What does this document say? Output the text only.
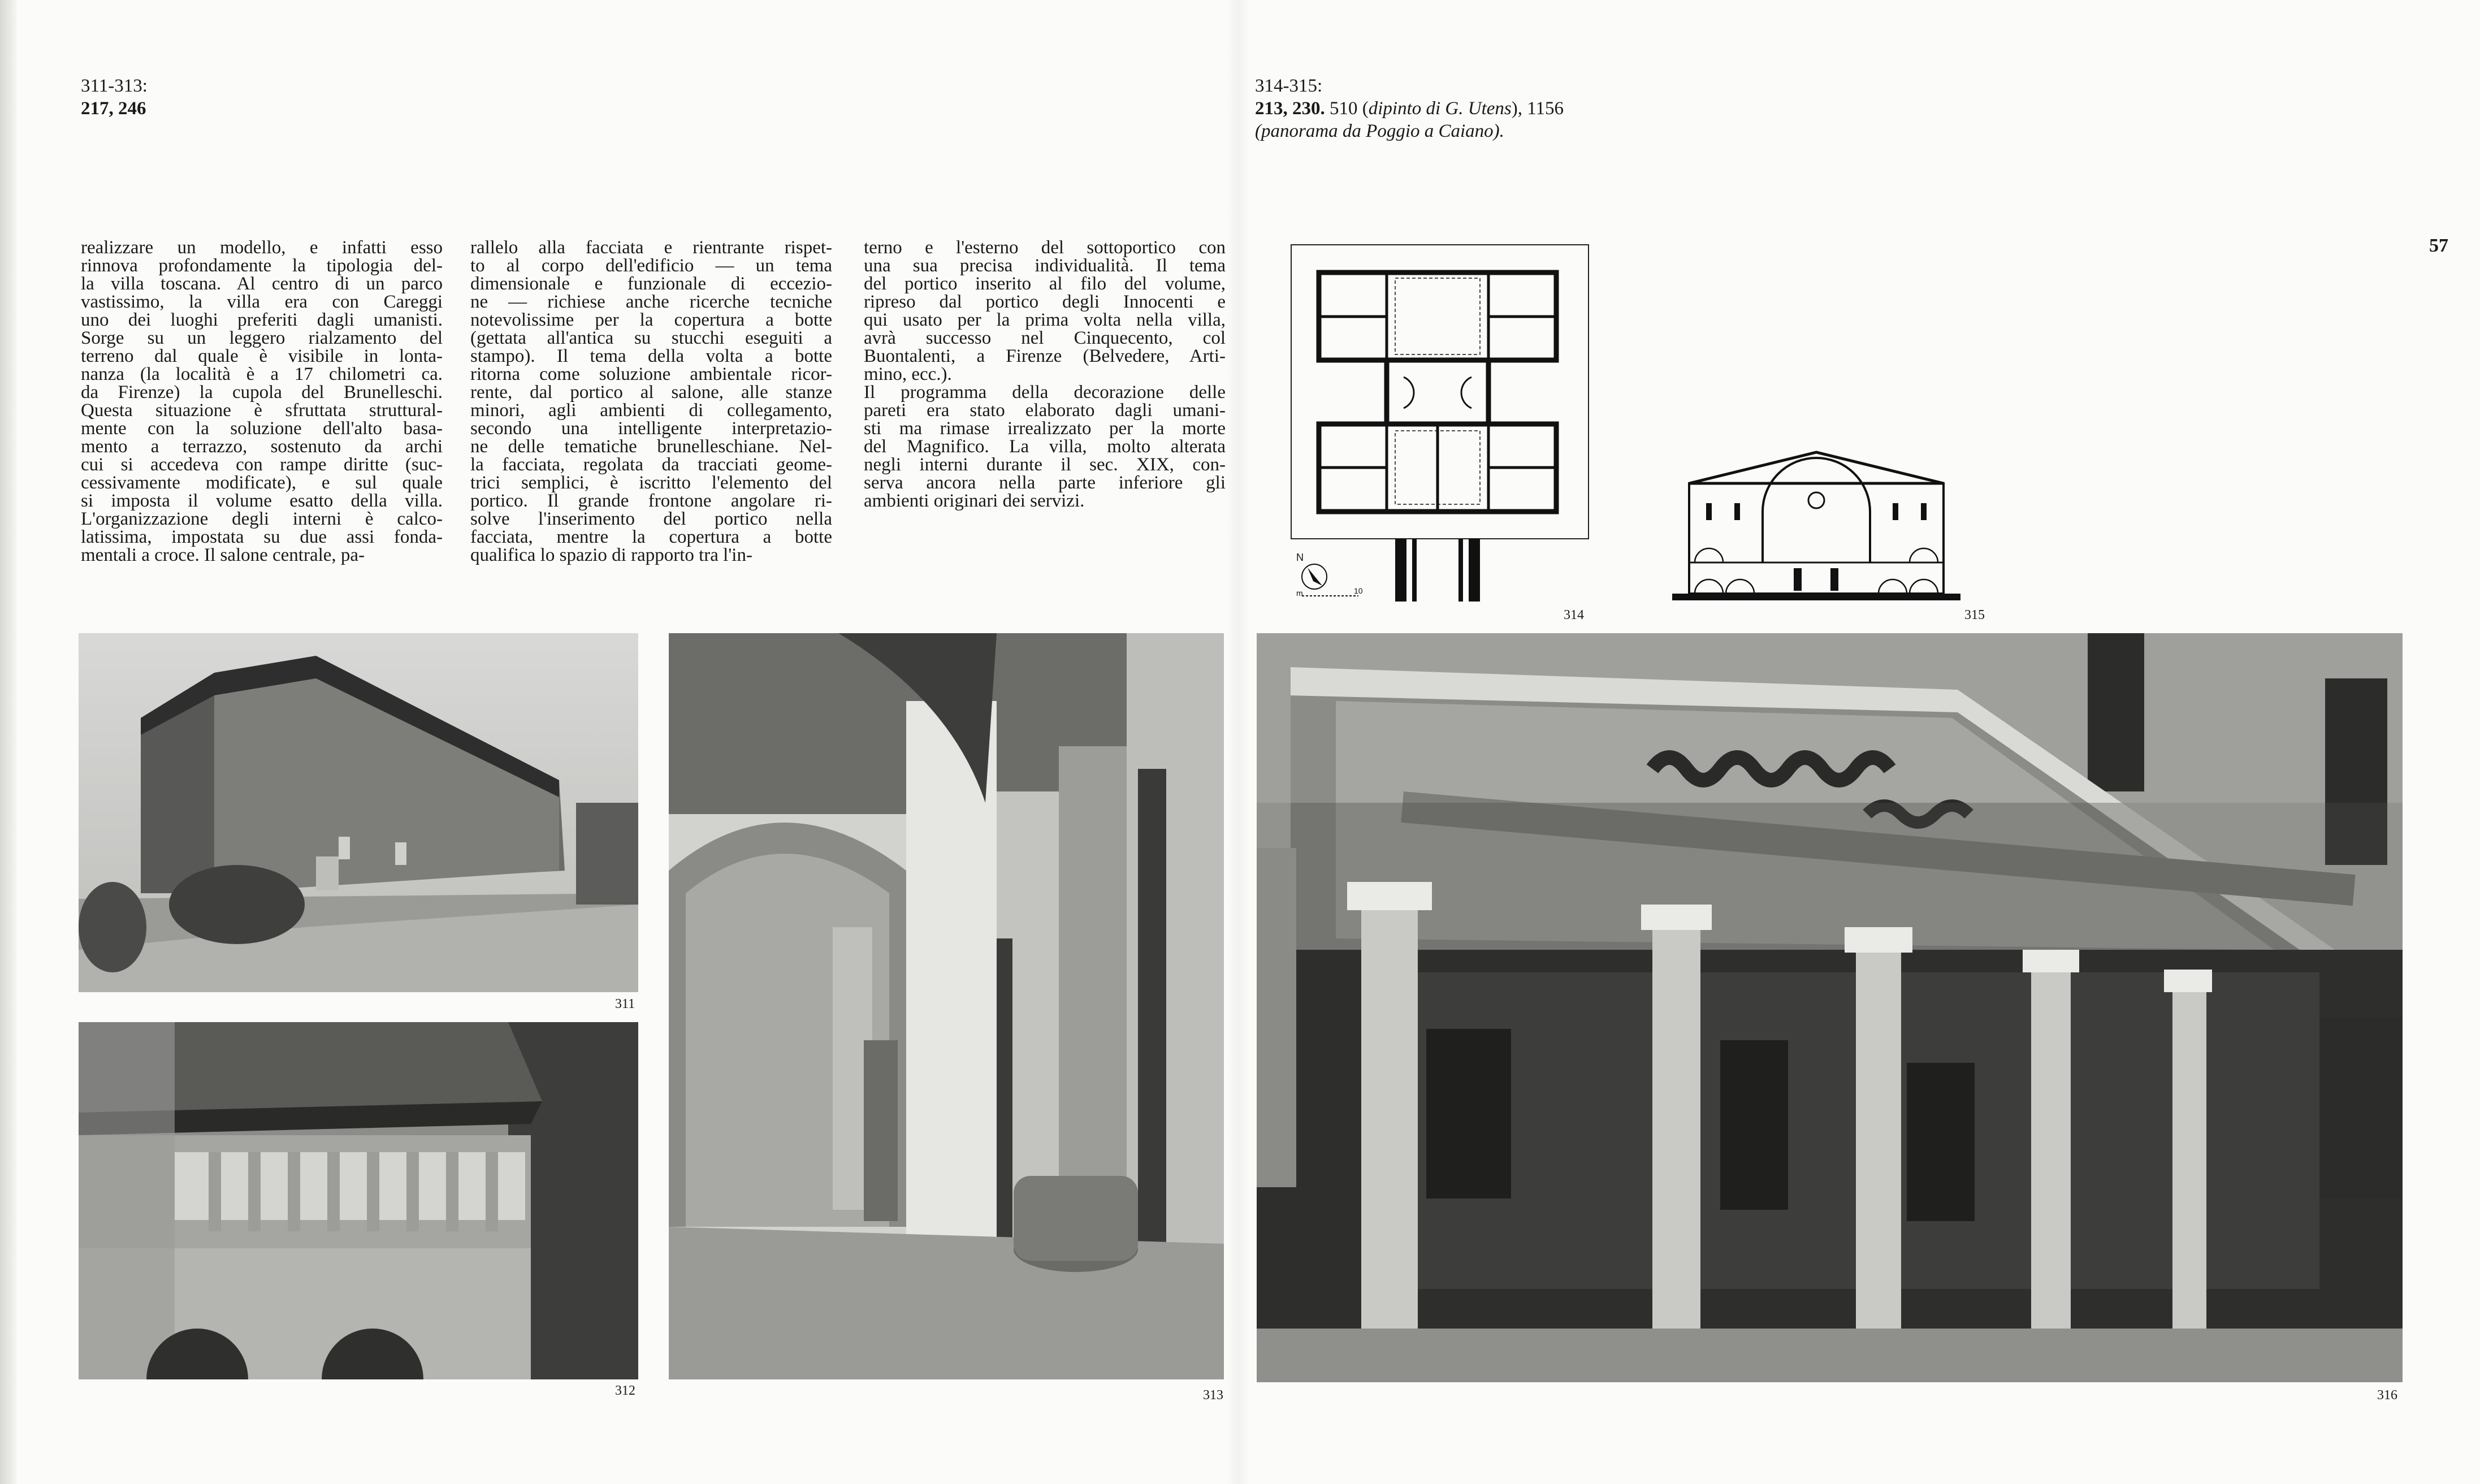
311-313:
217, 246
314-315:
213, 230. 510 (dipinto di G. Utens), 1156
(panorama da Poggio a Caiano).
57
realizzare un modello, e infatti esso
rinnova profondamente la tipologia del-
la villa toscana. Al centro di un parco
vastissimo, la villa era con Careggi
uno dei luoghi preferiti dagli umanisti.
Sorge su un leggero rialzamento del
terreno dal quale è visibile in lonta-
nanza (la località è a 17 chilometri ca.
da Firenze) la cupola del Brunelleschi.
Questa situazione è sfruttata struttural-
mente con la soluzione dell'alto basa-
mento a terrazzo, sostenuto da archi
cui si accedeva con rampe diritte (suc-
cessivamente modificate), e sul quale
si imposta il volume esatto della villa.
L'organizzazione degli interni è calco-
latissima, impostata su due assi fonda-
mentali a croce. Il salone centrale, pa-
rallelo alla facciata e rientrante rispet-
to al corpo dell'edificio — un tema
dimensionale e funzionale di eccezio-
ne — richiese anche ricerche tecniche
notevolissime per la copertura a botte
(gettata all'antica su stucchi eseguiti a
stampo). Il tema della volta a botte
ritorna come soluzione ambientale ricor-
rente, dal portico al salone, alle stanze
minori, agli ambienti di collegamento,
secondo una intelligente interpretazio-
ne delle tematiche brunelleschiane. Nel-
la facciata, regolata da tracciati geome-
trici semplici, è iscritto l'elemento del
portico. Il grande frontone angolare ri-
solve l'inserimento del portico nella
facciata, mentre la copertura a botte
qualifica lo spazio di rapporto tra l'in-
terno e l'esterno del sottoportico con
una sua precisa individualità. Il tema
del portico inserito al filo del volume,
ripreso dal portico degli Innocenti e
qui usato per la prima volta nella villa,
avrà successo nel Cinquecento, col
Buontalenti, a Firenze (Belvedere, Arti-
mino, ecc.).
Il programma della decorazione delle
pareti era stato elaborato dagli umani-
sti ma rimase irrealizzato per la morte
del Magnifico. La villa, molto alterata
negli interni durante il sec. XIX, con-
serva ancora nella parte inferiore gli
ambienti originari dei servizi.
311
312	313
N
m	10
314	315
316
